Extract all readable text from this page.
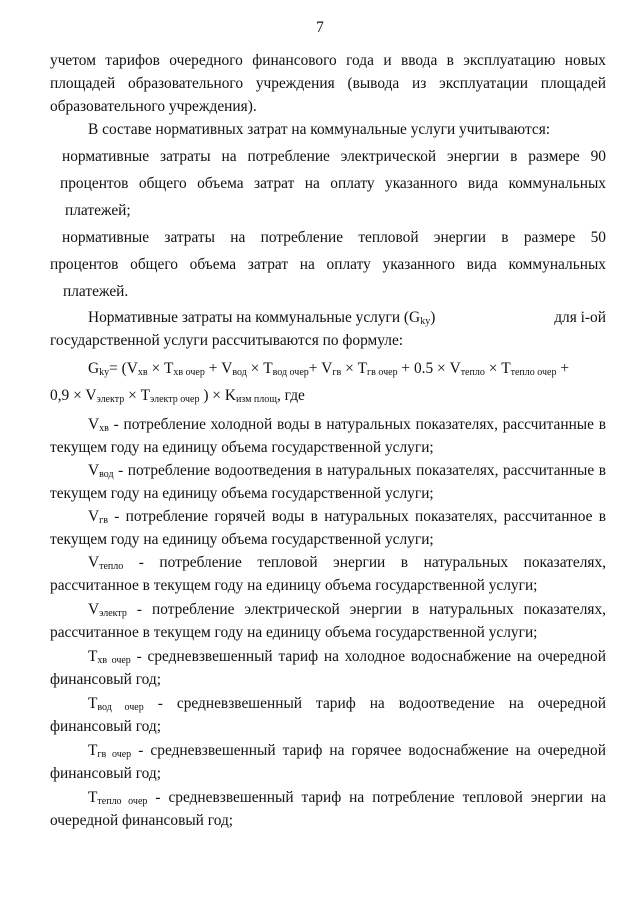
7
учетом тарифов очередного финансового года и ввода в эксплуатацию новых
площадей образовательного учреждения (вывода из эксплуатации площадей
образовательного учреждения).
В составе нормативных затрат на коммунальные услуги учитываются:
нормативные затраты на потребление электрической энергии в размере 90
процентов общего объема затрат на оплату указанного вида коммунальных
платежей;
нормативные затраты на потребление тепловой энергии в размере 50
процентов общего объема затрат на оплату указанного вида коммунальных
платежей.
Нормативные затраты на коммунальные услуги $(G_{ky})$	для i-ой
государственной услуги рассчитываются по формуле:
$G_{ky}= (V_{хв} \times T_{хв очер} + V_{вод} \times T_{вод очер}+ V_{гв} \times T_{гв очер} + 0.5 \times V_{тепло} \times T_{тепло очер}$ +
$0,9 \times V_{электр} \times T_{электр очер}$ ) × $K_{изм площ}$, где
$V_{хв}$ - потребление холодной воды в натуральных показателях, рассчитанные в
текущем году на единицу объема государственной услуги;
$V_{вод}$ - потребление водоотведения в натуральных показателях, рассчитанные в
текущем году на единицу объема государственной услуги;
$V_{гв}$ - потребление горячей воды в натуральных показателях, рассчитанное в
текущем году на единицу объема государственной услуги;
$V_{тепло}$ - потребление тепловой энергии в натуральных показателях,
рассчитанное в текущем году на единицу объема государственной услуги;
$V_{электр}$ - потребление электрической энергии в натуральных показателях,
рассчитанное в текущем году на единицу объема государственной услуги;
$T_{хв очер}$ - средневзвешенный тариф на холодное водоснабжение на очередной
финансовый год;
$T_{вод очер}$ - средневзвешенный тариф на водоотведение на очередной
финансовый год;
$T_{гв очер}$ - средневзвешенный тариф на горячее водоснабжение на очередной
финансовый год;
$T_{тепло очер}$ - средневзвешенный тариф на потребление тепловой энергии на
очередной финансовый год;
